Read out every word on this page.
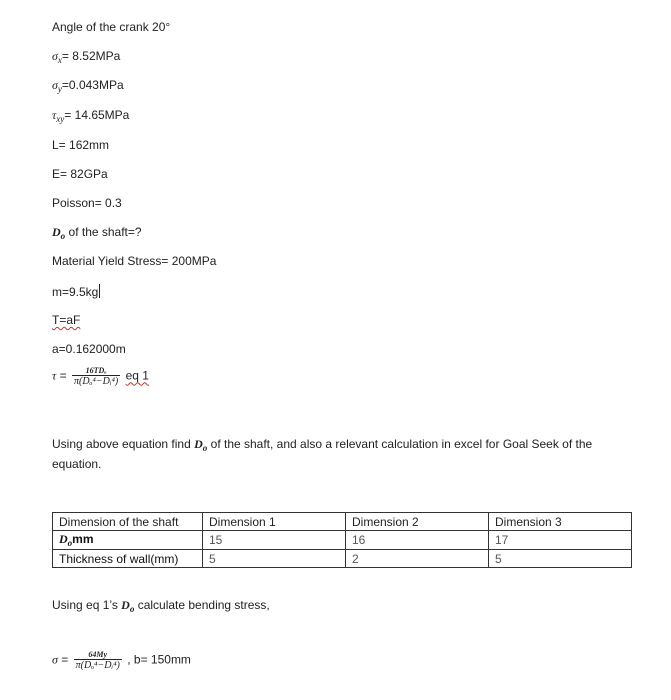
Angle of the crank 20°
$\sigma_x= 8.52MPa$
$\sigma_y=0.043MPa$
$\tau_{xy}= 14.65MPa$
L= 162mm
E= 82GPa
Poisson= 0.3
$D_o$ of the shaft=?
Material Yield Stress= 200MPa
m=9.5kg
T=aF
a=0.162000m
$\tau = \frac{\text{16TDₒ}}{\text{π(Dₒ⁴−Dᵢ⁴)}}$ eq 1
Using above equation find $D_o$ of the shaft, and also a relevant calculation in excel for Goal Seek of the
equation.
Dimension of the shaft	Dimension 1	Dimension 2	Dimension 3
$D_omm$	15	16	17
Thickness of wall(mm)	5	2	5
Using eq 1’s $D_o$ calculate bending stress,
$\sigma = \frac{64My}{\text{π(Dₒ⁴−Dᵢ⁴)}}$ , b= 150mm
